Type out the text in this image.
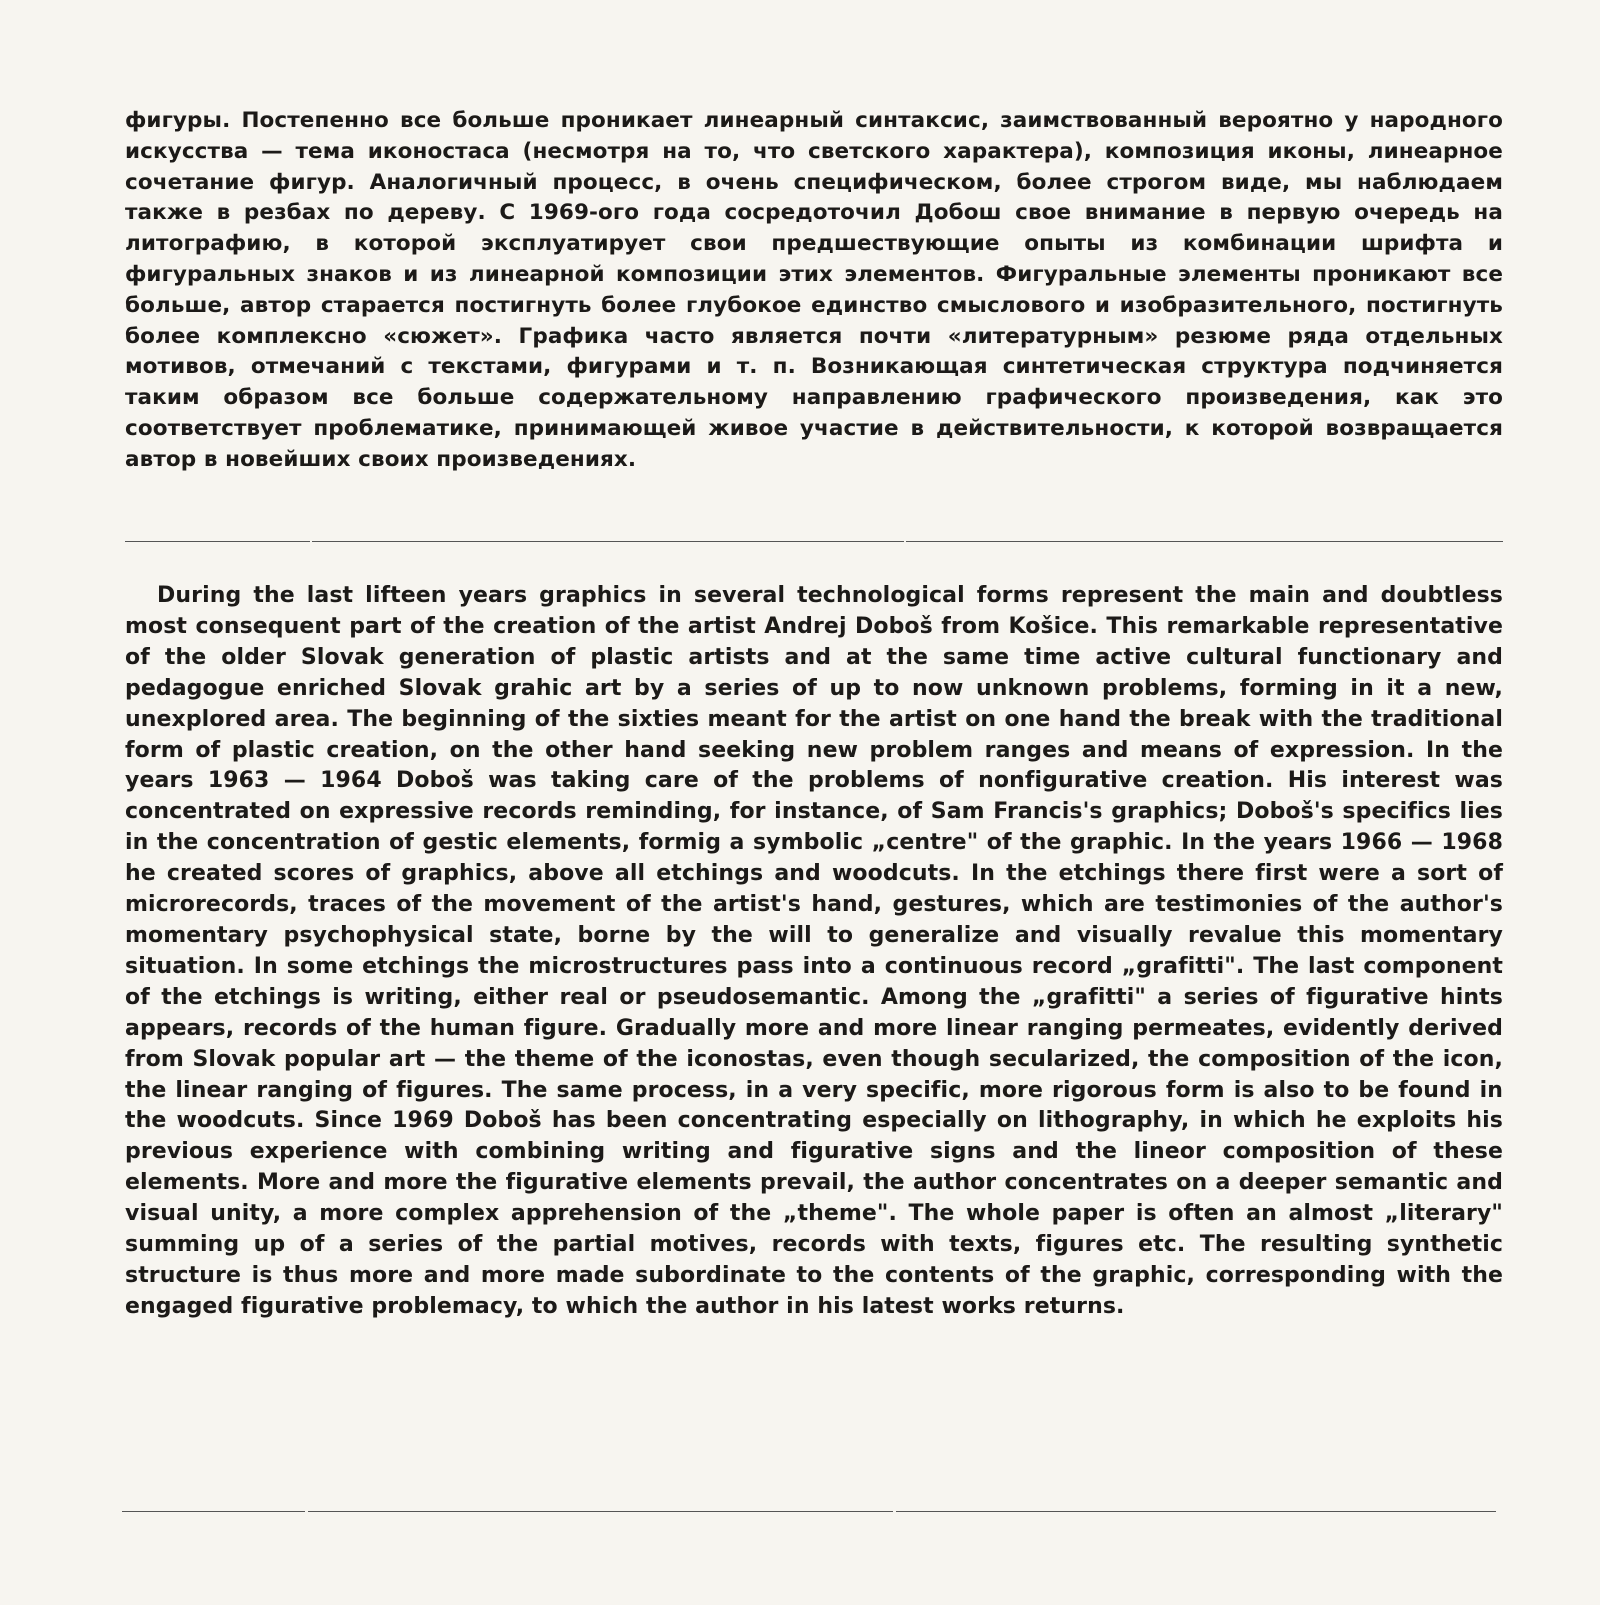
фигуры. Постепенно все больше проникает линеарный синтаксис, заимствованный вероятно у народного искусства — тема иконостаса (несмотря на то, что светского характера), композиция иконы, линеарное сочетание фигур. Аналогичный процесс, в очень специфическом, более строгом виде, мы наблюдаем также в резбах по дереву. С 1969-ого года сосредоточил Добош свое внимание в первую очередь на литографию, в которой эксплуатирует свои предшествующие опыты из комбинации шрифта и фигуральных знаков и из линеарной композиции этих элементов. Фигуральные элементы проникают все больше, автор старается постигнуть более глубокое единство смыслового и изобразительного, постигнуть более комплексно «сюжет». Графика часто является почти «литературным» резюме ряда отдельных мотивов, отмечаний с текстами, фигурами и т. п. Возникающая синтетическая структура подчиняется таким образом все больше содержательному направлению графического произведения, как это соответствует проблематике, принимающей живое участие в действительности, к которой возвращается автор в новейших своих произведениях.

During the last lifteen years graphics in several technological forms represent the main and doubtless most consequent part of the creation of the artist Andrej Doboš from Košice. This remarkable representative of the older Slovak generation of plastic artists and at the same time active cultural functionary and pedagogue enriched Slovak grahic art by a series of up to now unknown problems, forming in it a new, unexplored area. The beginning of the sixties meant for the artist on one hand the break with the traditional form of plastic creation, on the other hand seeking new problem ranges and means of expression. In the years 1963 — 1964 Doboš was taking care of the problems of nonfigurative creation. His interest was concentrated on expressive records reminding, for instance, of Sam Francis's graphics; Doboš's specifics lies in the concentration of gestic elements, formig a symbolic „centre" of the graphic. In the years 1966 — 1968 he created scores of graphics, above all etchings and woodcuts. In the etchings there first were a sort of microrecords, traces of the movement of the artist's hand, gestures, which are testimonies of the author's momentary psychophysical state, borne by the will to generalize and visually revalue this momentary situation. In some etchings the microstructures pass into a continuous record „grafitti". The last component of the etchings is writing, either real or pseudosemantic. Among the „grafitti" a series of figurative hints appears, records of the human figure. Gradually more and more linear ranging permeates, evidently derived from Slovak popular art — the theme of the iconostas, even though secularized, the composition of the icon, the linear ranging of figures. The same process, in a very specific, more rigorous form is also to be found in the woodcuts. Since 1969 Doboš has been concentrating especially on lithography, in which he exploits his previous experience with combining writing and figurative signs and the lineor composition of these elements. More and more the figurative elements prevail, the author concentrates on a deeper semantic and visual unity, a more complex apprehension of the „theme". The whole paper is often an almost „literary" summing up of a series of the partial motives, records with texts, figures etc. The resulting synthetic structure is thus more and more made subordinate to the contents of the graphic, corresponding with the engaged figurative problemacy, to which the author in his latest works returns.
